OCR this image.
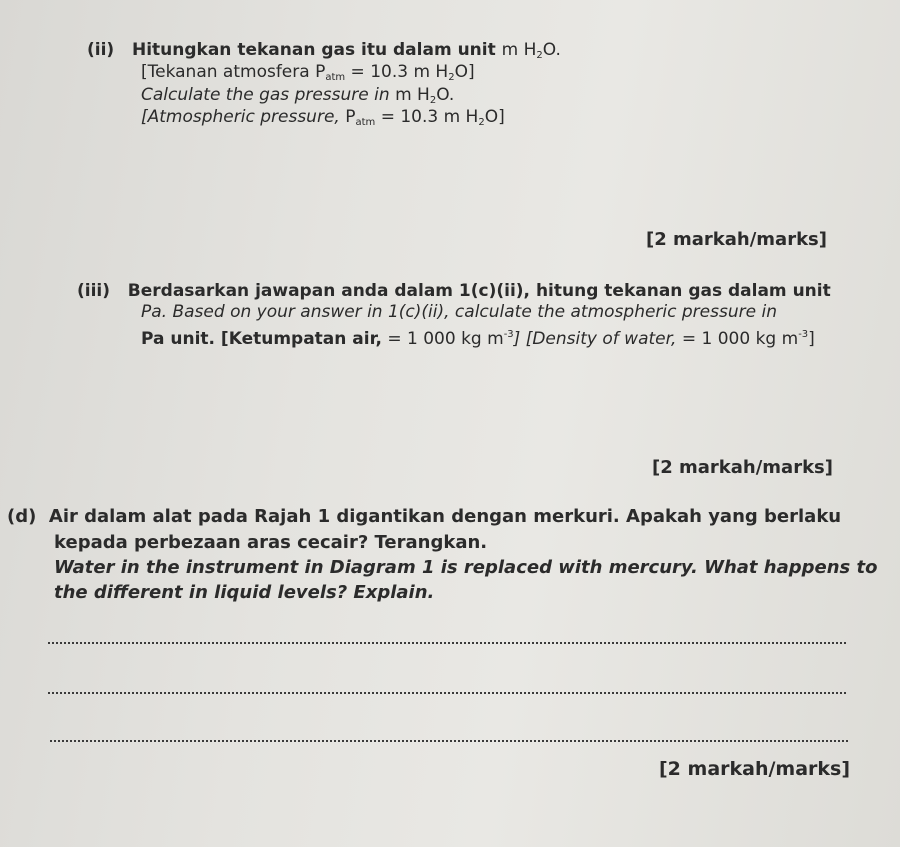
(ii) Hitungkan tekanan gas itu dalam unit m $H_2O$.
[Tekanan atmosfera $P_{atm} = 10.3$ m $H_2O$]
Calculate the gas pressure in m $H_2O$.
[Atmospheric pressure, $P_{atm} = 10.3$ m $H_2O$]
[2 markah/marks]
(iii) Berdasarkan jawapan anda dalam 1(c)(ii), hitung tekanan gas dalam unit
Pa. Based on your answer in 1(c)(ii), calculate the atmospheric pressure in
Pa unit. [Ketumpatan air, = 1 000 kg $m^{-3}$] [Density of water, = 1 000 kg $m^{-3}$]
[2 markah/marks]
(d) Air dalam alat pada Rajah 1 digantikan dengan merkuri. Apakah yang berlaku
kepada perbezaan aras cecair? Terangkan.
Water in the instrument in Diagram 1 is replaced with mercury. What happens to
the different in liquid levels? Explain.
[2 markah/marks]
